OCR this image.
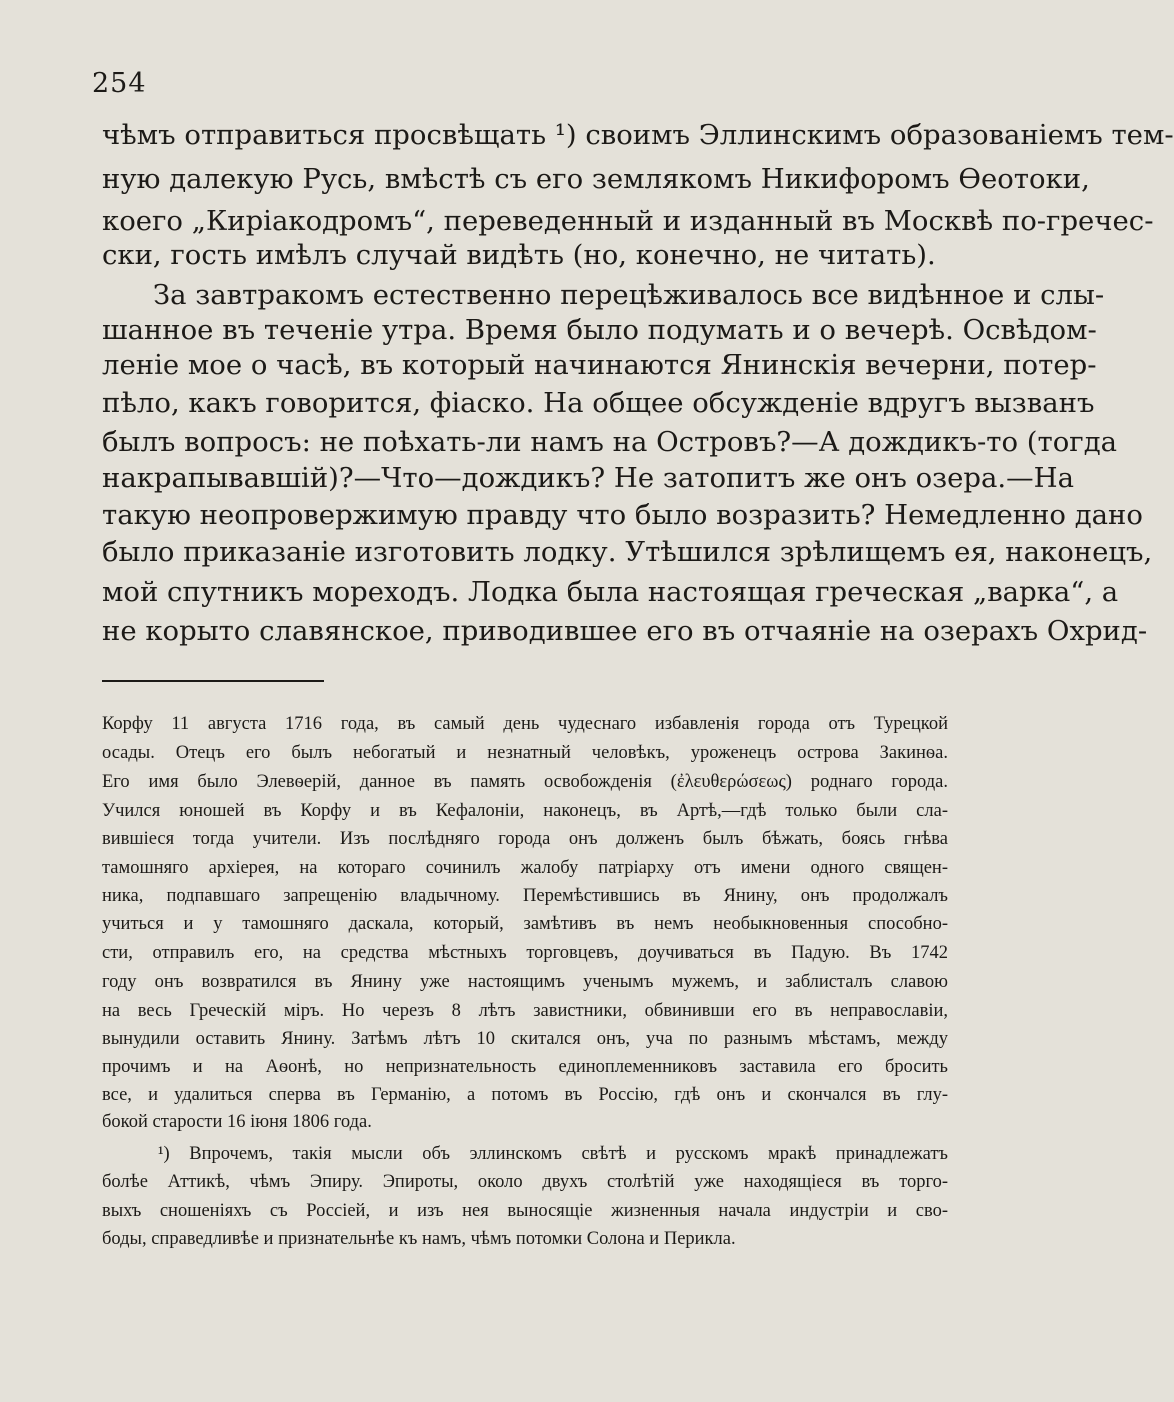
254
чѣмъ отправиться просвѣщать ¹) своимъ Эллинскимъ образованіемъ тем-
ную далекую Русь, вмѣстѣ съ его землякомъ Никифоромъ Ѳеотоки,
коего „Киріакодромъ“, переведенный и изданный въ Москвѣ по-гречес-
ски, гость имѣлъ случай видѣть (но, конечно, не читать).
За завтракомъ естественно перецѣживалось все видѣнное и слы-
шанное въ теченіе утра. Время было подумать и о вечерѣ. Освѣдом-
леніе мое о часѣ, въ который начинаются Янинскія вечерни, потер-
пѣло, какъ говорится, фіаско. На общее обсужденіе вдругъ вызванъ
былъ вопросъ: не поѣхать-ли намъ на Островъ?—А дождикъ-то (тогда
накрапывавшій)?—Что—дождикъ? Не затопитъ же онъ озера.—На
такую неопровержимую правду что было возразить? Немедленно дано
было приказаніе изготовить лодку. Утѣшился зрѣлищемъ ея, наконецъ,
мой спутникъ мореходъ. Лодка была настоящая греческая „варка“, а
не корыто славянское, приводившее его въ отчаяніе на озерахъ Охрид-
Корфу 11 августа 1716 года, въ самый день чудеснаго избавленія города отъ Турецкой
осады. Отецъ его былъ небогатый и незнатный человѣкъ, уроженецъ острова Закинѳа.
Его имя было Элевѳерій, данное въ память освобожденія (ἐλευθερώσεως) роднаго города.
Учился юношей въ Корфу и въ Кефалоніи, наконецъ, въ Артѣ,—гдѣ только были сла-
вившіеся тогда учители. Изъ послѣдняго города онъ долженъ былъ бѣжать, боясь гнѣва
тамошняго архіерея, на котораго сочинилъ жалобу патріарху отъ имени одного священ-
ника, подпавшаго запрещенію владычному. Перемѣстившись въ Янину, онъ продолжалъ
учиться и у тамошняго даскала, который, замѣтивъ въ немъ необыкновенныя способно-
сти, отправилъ его, на средства мѣстныхъ торговцевъ, доучиваться въ Падую. Въ 1742
году онъ возвратился въ Янину уже настоящимъ ученымъ мужемъ, и заблисталъ славою
на весь Греческій міръ. Но черезъ 8 лѣтъ завистники, обвинивши его въ неправославіи,
вынудили оставить Янину. Затѣмъ лѣтъ 10 скитался онъ, уча по разнымъ мѣстамъ, между
прочимъ и на Аѳонѣ, но непризнательность единоплеменниковъ заставила его бросить
все, и удалиться сперва въ Германію, а потомъ въ Россію, гдѣ онъ и скончался въ глу-
бокой старости 16 іюня 1806 года.
¹) Впрочемъ, такія мысли объ эллинскомъ свѣтѣ и русскомъ мракѣ принадлежатъ
болѣе Аттикѣ, чѣмъ Эпиру. Эпироты, около двухъ столѣтій уже находящіеся въ торго-
выхъ сношеніяхъ съ Россіей, и изъ нея выносящіе жизненныя начала индустріи и сво-
боды, справедливѣе и признательнѣе къ намъ, чѣмъ потомки Солона и Перикла.
